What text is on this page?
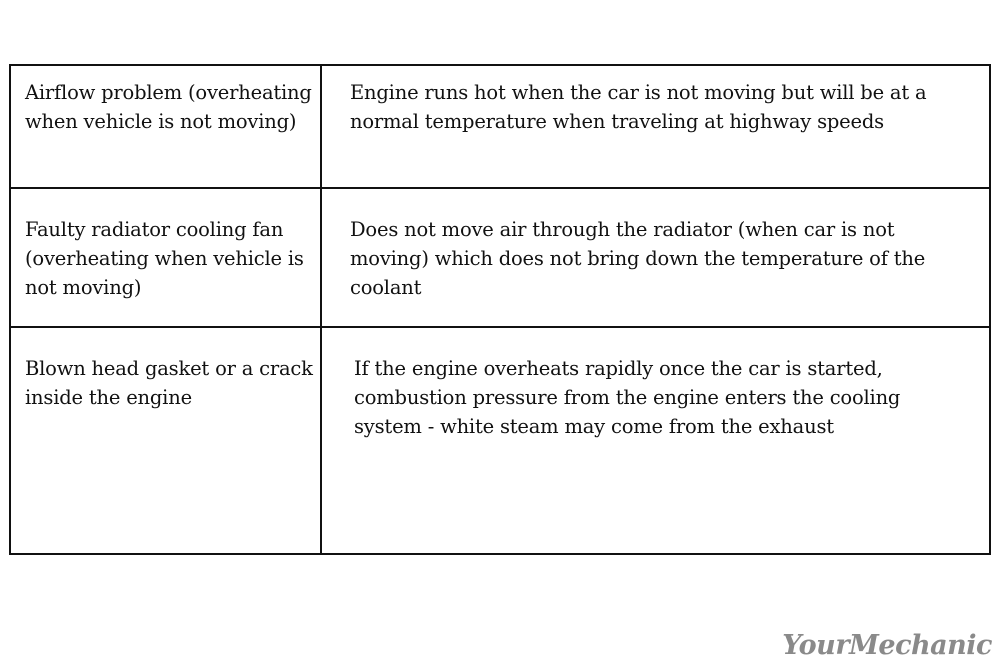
Airflow problem (overheating when vehicle is not moving)
Engine runs hot when the car is not moving but will be at a normal temperature when traveling at highway speeds
Faulty radiator cooling fan (overheating when vehicle is not moving)
Does not move air through the radiator (when car is not moving) which does not bring down the temperature of the coolant
Blown head gasket or a crack inside the engine
If the engine overheats rapidly once the car is started, combustion pressure from the engine enters the cooling system - white steam may come from the exhaust
YourMechanic
